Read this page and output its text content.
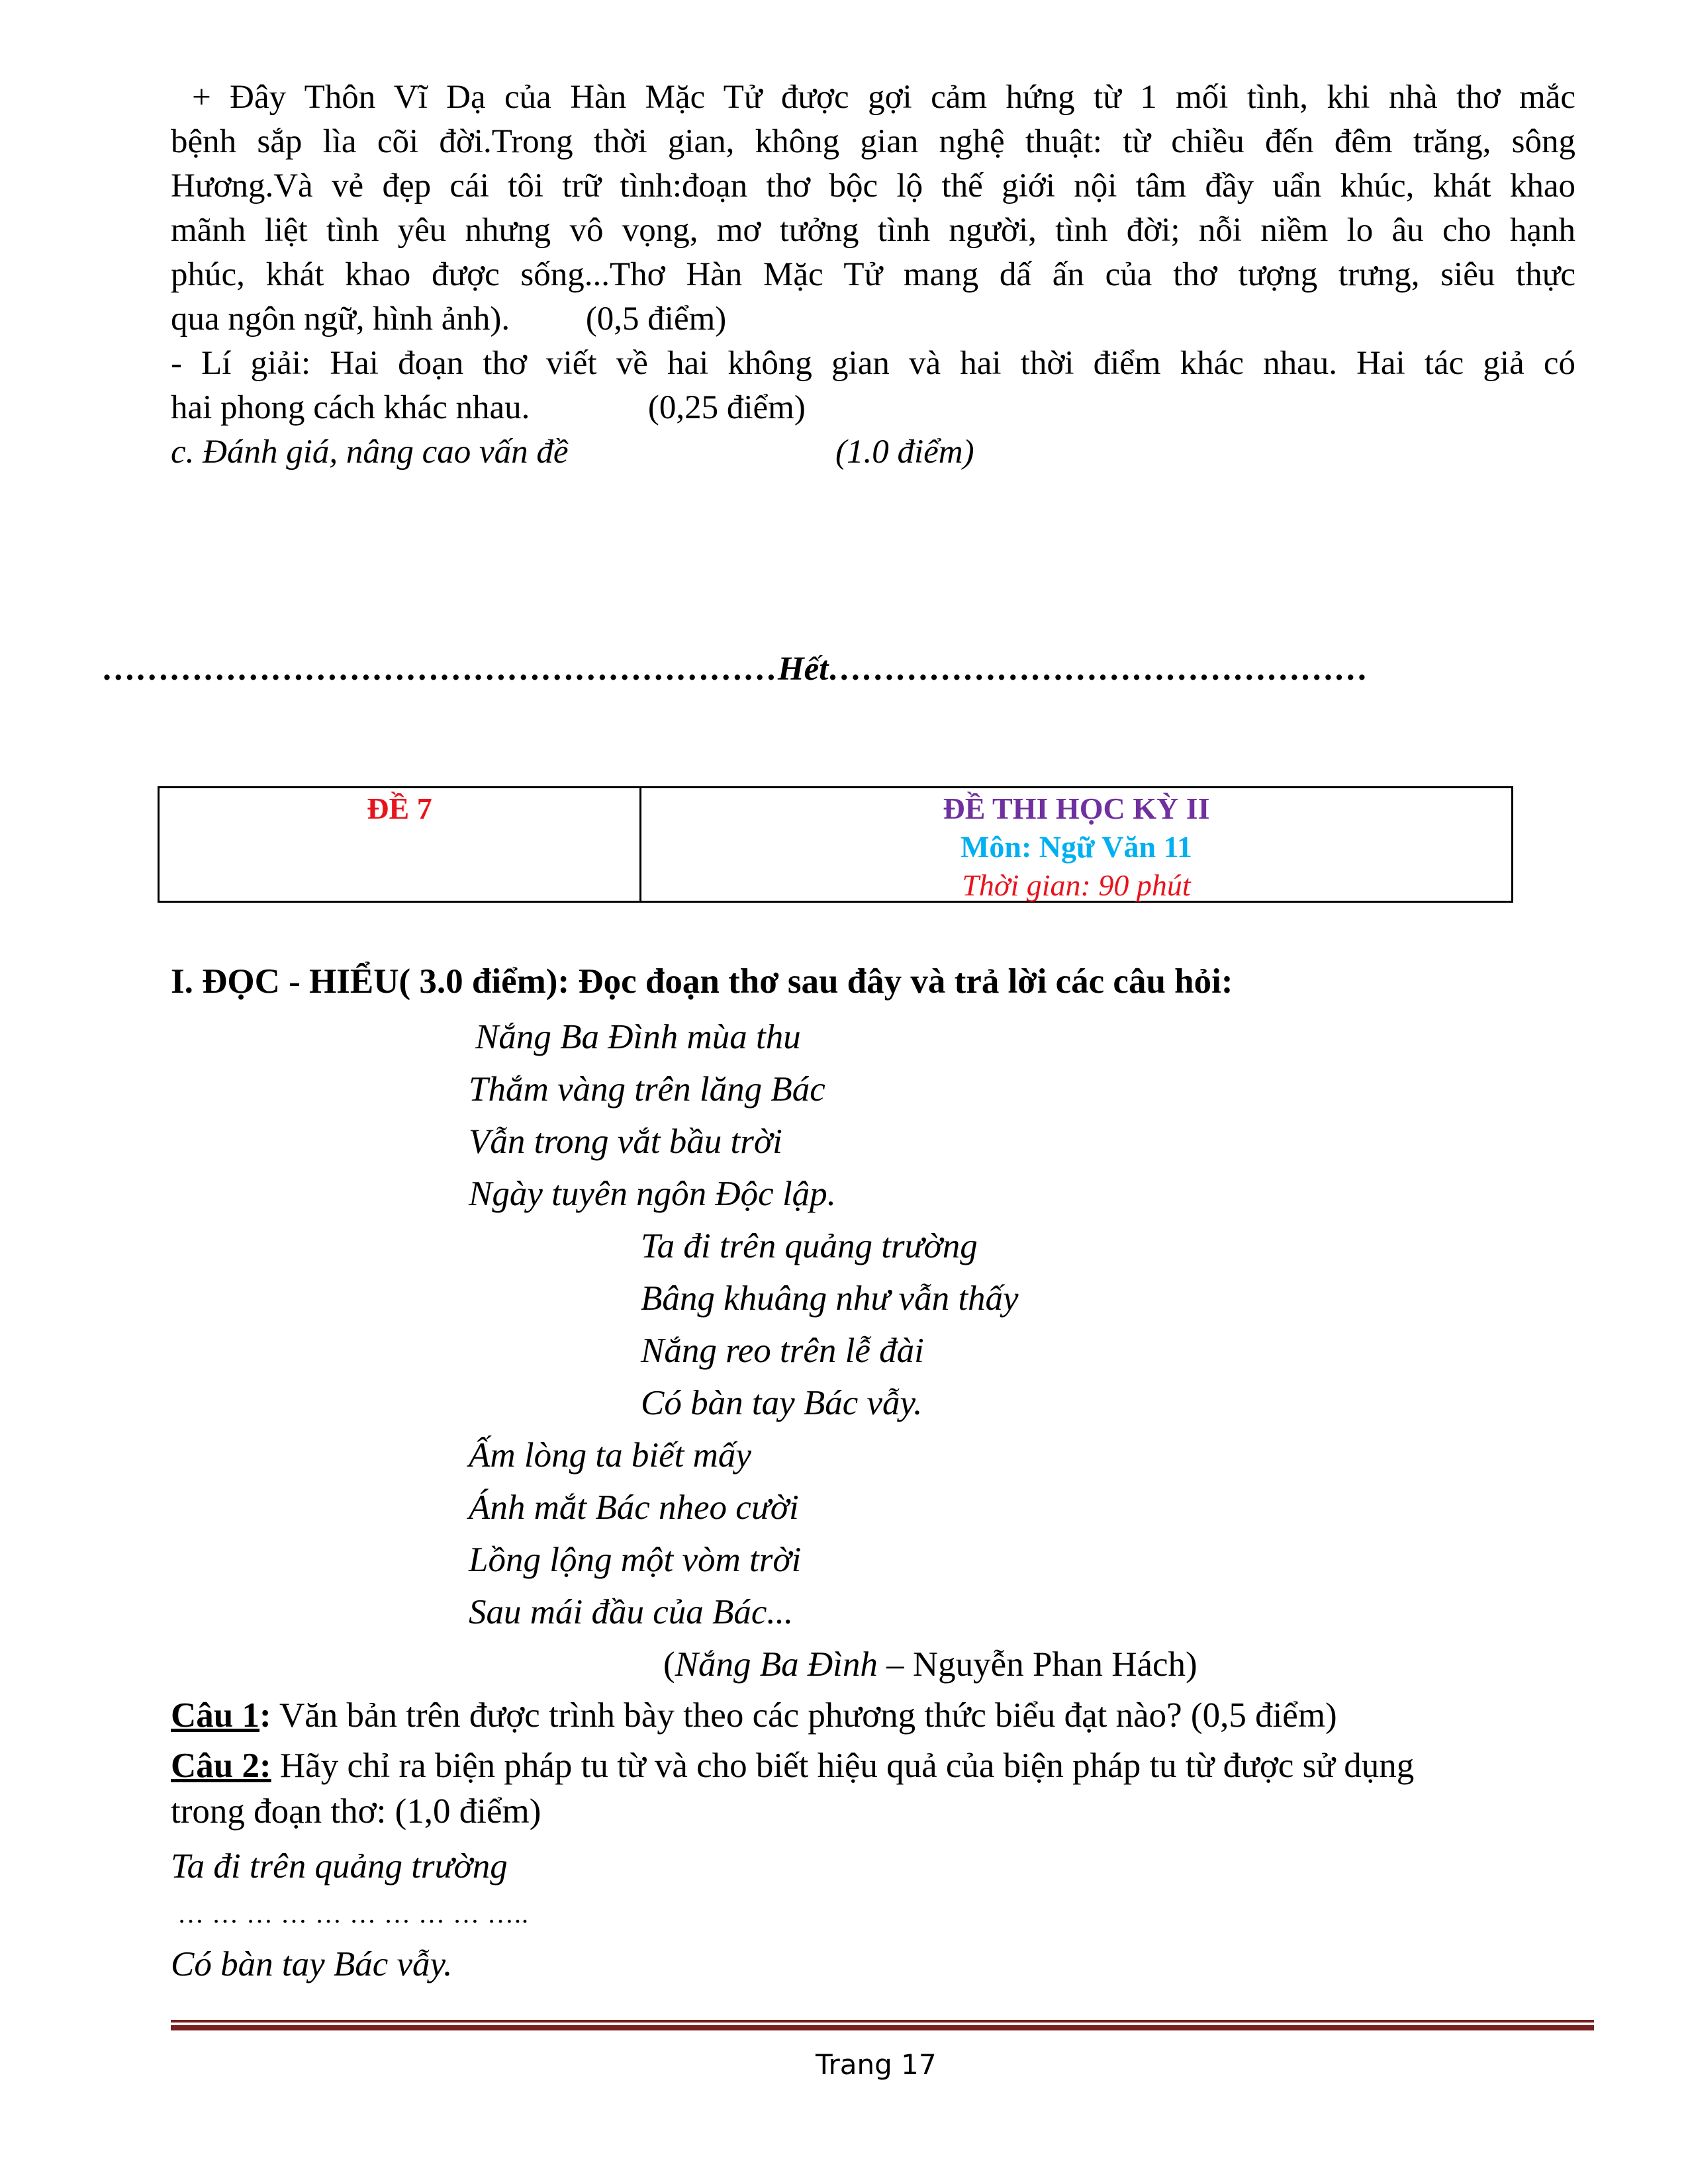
+ Đây Thôn Vĩ Dạ của Hàn Mặc Tử được gợi cảm hứng từ 1 mối tình, khi nhà thơ mắc

bệnh sắp lìa cõi đời.Trong thời gian, không gian nghệ thuật: từ chiều đến đêm trăng, sông

Hương.Và vẻ đẹp cái tôi trữ tình:đoạn thơ bộc lộ thế giới nội tâm đầy uẩn khúc, khát khao

mãnh liệt tình yêu nhưng vô vọng, mơ tưởng tình người, tình đời; nỗi niềm lo âu cho hạnh

phúc, khát khao được sống...Thơ Hàn Mặc Tử mang dấ ấn của thơ tượng trưng, siêu thực

qua ngôn ngữ, hình ảnh).         (0,5 điểm)

- Lí giải: Hai đoạn thơ viết về hai không gian và hai thời điểm khác nhau. Hai tác giả có

hai phong cách khác nhau.              (0,25 điểm)

c. Đánh giá, nâng cao vấn đề	(1.0 điểm)
……………………………………………………Hết…………………………………………
ĐỀ 7	ĐỀ THI HỌC KỲ II
Môn: Ngữ Văn 11
Thời gian: 90 phút
I. ĐỌC - HIỂU( 3.0 điểm): Đọc đoạn thơ sau đây và trả lời các câu hỏi:
Nắng Ba Đình mùa thu
Thắm vàng trên lăng Bác
Vẫn trong vắt bầu trời
Ngày tuyên ngôn Độc lập.
Ta đi trên quảng trường
Bâng khuâng như vẫn thấy
Nắng reo trên lễ đài
Có bàn tay Bác vẫy.
Ấm lòng ta biết mấy
Ánh mắt Bác nheo cười
Lồng lộng một vòm trời
Sau mái đầu của Bác...
(Nắng Ba Đình – Nguyễn Phan Hách)
Câu 1: Văn bản trên được trình bày theo các phương thức biểu đạt nào? (0,5 điểm)
Câu 2: Hãy chỉ ra biện pháp tu từ và cho biết hiệu quả của biện pháp tu từ được sử dụng
trong đoạn thơ: (1,0 điểm)
Ta đi trên quảng trường
… … … … … … … … … …..
Có bàn tay Bác vẫy.
Trang 17
